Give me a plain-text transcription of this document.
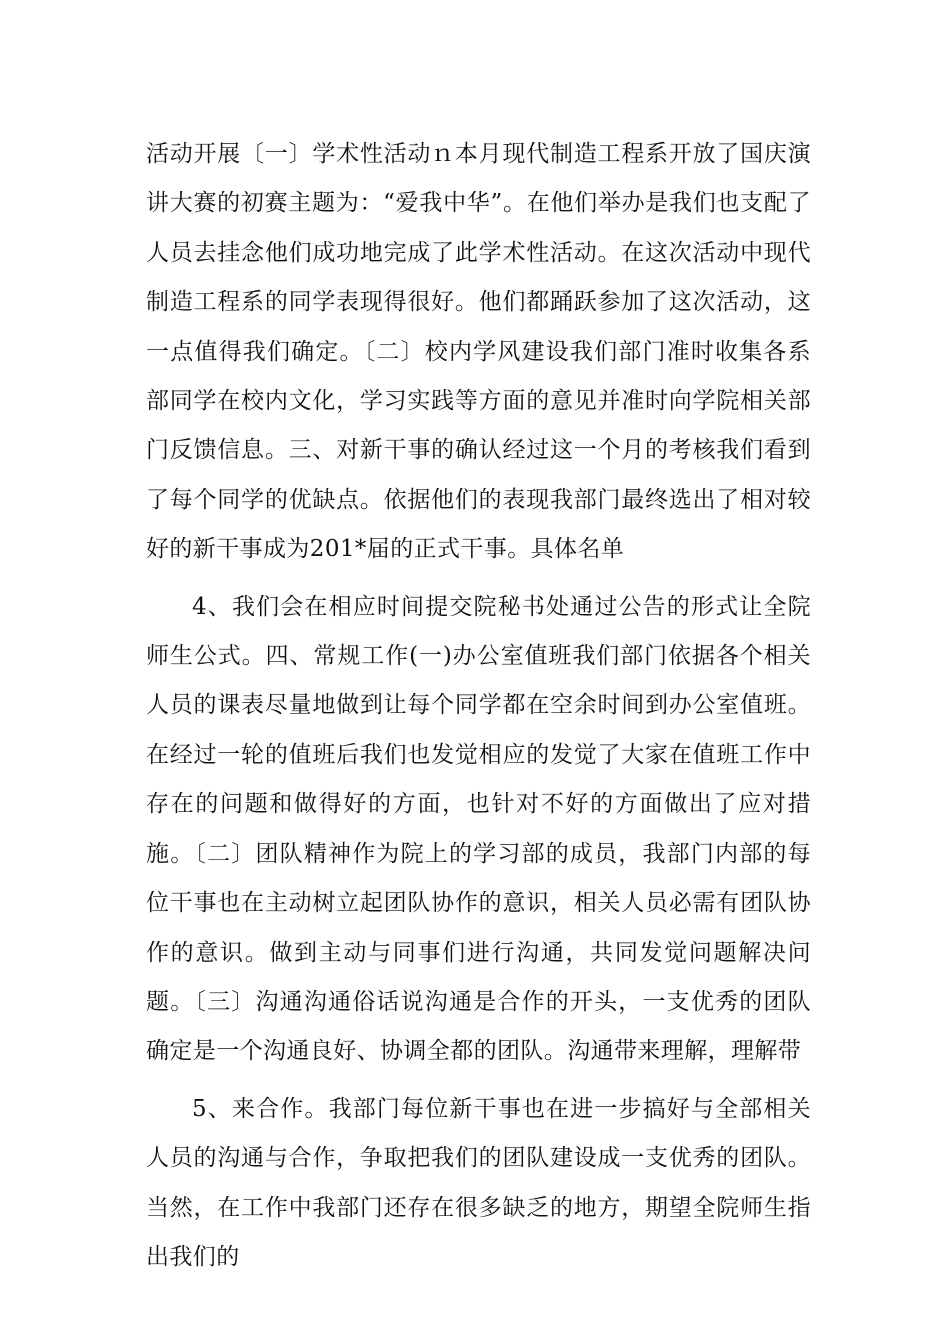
活动开展〔一〕学术性活动ｎ本月现代制造工程系开放了国庆演讲大赛的初赛主题为：“爱我中华”。在他们举办是我们也支配了人员去挂念他们成功地完成了此学术性活动。在这次活动中现代制造工程系的同学表现得很好。他们都踊跃参加了这次活动，这一点值得我们确定。〔二〕校内学风建设我们部门准时收集各系部同学在校内文化，学习实践等方面的意见并准时向学院相关部门反馈信息。三、对新干事的确认经过这一个月的考核我们看到了每个同学的优缺点。依据他们的表现我部门最终选出了相对较好的新干事成为201*届的正式干事。具体名单

4、我们会在相应时间提交院秘书处通过公告的形式让全院师生公式。四、常规工作(一)办公室值班我们部门依据各个相关人员的课表尽量地做到让每个同学都在空余时间到办公室值班。在经过一轮的值班后我们也发觉相应的发觉了大家在值班工作中存在的问题和做得好的方面，也针对不好的方面做出了应对措施。〔二〕团队精神作为院上的学习部的成员，我部门内部的每位干事也在主动树立起团队协作的意识，相关人员必需有团队协作的意识。做到主动与同事们进行沟通，共同发觉问题解决问题。〔三〕沟通沟通俗话说沟通是合作的开头，一支优秀的团队确定是一个沟通良好、协调全都的团队。沟通带来理解，理解带

5、来合作。我部门每位新干事也在进一步搞好与全部相关人员的沟通与合作，争取把我们的团队建设成一支优秀的团队。当然，在工作中我部门还存在很多缺乏的地方，期望全院师生指出我们的
